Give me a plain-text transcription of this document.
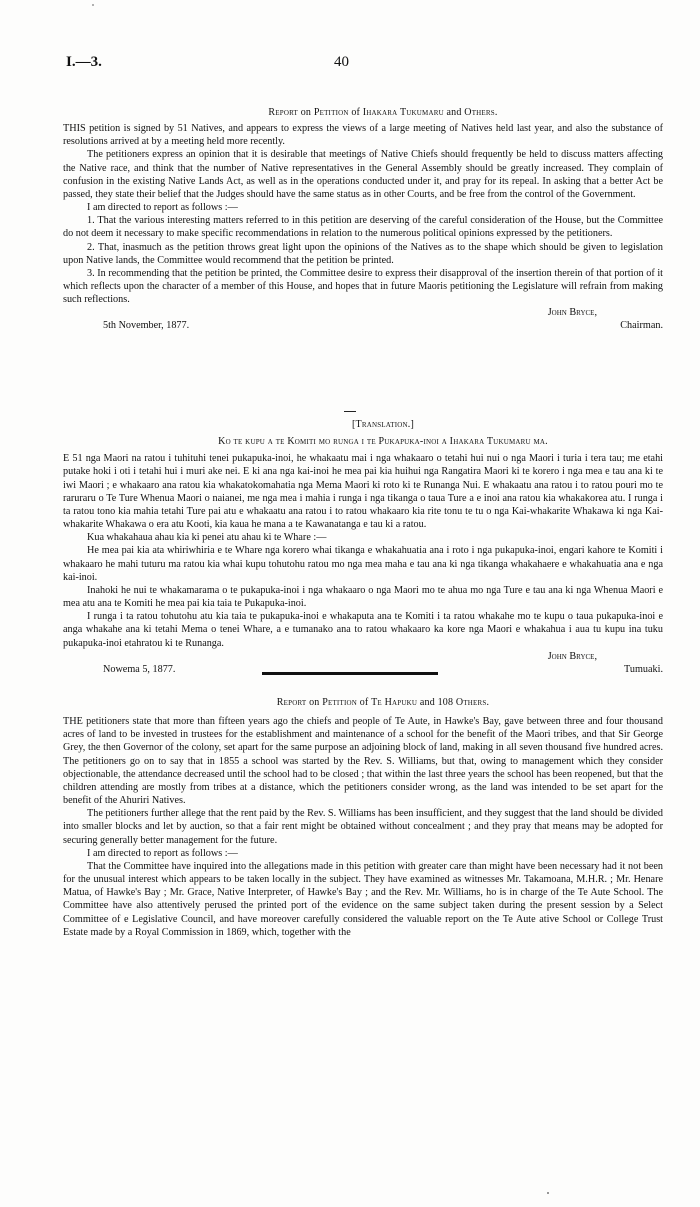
I.—3.	40
Report on Petition of Ihakara Tukumaru and Others.

THIS petition is signed by 51 Natives, and appears to express the views of a large meeting of Natives held last year, and also the substance of resolutions arrived at by a meeting held more recently.

The petitioners express an opinion that it is desirable that meetings of Native Chiefs should frequently be held to discuss matters affecting the Native race, and think that the number of Native representatives in the General Assembly should be greatly increased. They complain of confusion in the existing Native Lands Act, as well as in the operations conducted under it, and pray for its repeal. In asking that a better Act be passed, they state their belief that the Judges should have the same status as in other Courts, and be free from the control of the Government.

I am directed to report as follows :—

1. That the various interesting matters referred to in this petition are deserving of the careful consideration of the House, but the Committee do not deem it necessary to make specific recommendations in relation to the numerous political opinions expressed by the petitioners.

2. That, inasmuch as the petition throws great light upon the opinions of the Natives as to the shape which should be given to legislation upon Native lands, the Committee would recommend that the petition be printed.

3. In recommending that the petition be printed, the Committee desire to express their disapproval of the insertion therein of that portion of it which reflects upon the character of a member of this House, and hopes that in future Maoris petitioning the Legislature will refrain from making such reflections.

John Bryce,
Chairman.
5th November, 1877.
[Translation.]
Ko te kupu a te Komiti mo runga i te Pukapuka-inoi a Ihakara Tukumaru ma.

E 51 nga Maori na ratou i tuhituhi tenei pukapuka-inoi, he whakaatu mai i nga whakaaro o tetahi hui nui o nga Maori i turia i tera tau; me etahi putake hoki i oti i tetahi hui i muri ake nei. E ki ana nga kai-inoi he mea pai kia huihui nga Rangatira Maori ki te korero i nga mea e tau ana ki te iwi Maori ; e whakaaro ana ratou kia whakatokomahatia nga Mema Maori ki roto ki te Runanga Nui. E whakaatu ana ratou i to ratou pouri mo te raruraru o Te Ture Whenua Maori o naianei, me nga mea i mahia i runga i nga tikanga o taua Ture a e inoi ana ratou kia whakakorea atu. I runga i ta ratou tono kia mahia tetahi Ture pai atu e whakaatu ana ratou i to ratou whakaaro kia rite tonu te tu o nga Kai-whakarite Whakawa ki nga Kai-whakarite Whakawa o era atu Kooti, kia kaua he mana a te Kawanatanga e tau ki a ratou.

Kua whakahaua ahau kia ki penei atu ahau ki te Whare :—

He mea pai kia ata whiriwhiria e te Whare nga korero whai tikanga e whakahuatia ana i roto i nga pukapuka-inoi, engari kahore te Komiti i whakaaro he mahi tuturu ma ratou kia whai kupu tohutohu ratou mo nga mea maha e tau ana ki nga tikanga whakahaere e whakahuatia ana e nga kai-inoi.

Inahoki he nui te whakamarama o te pukapuka-inoi i nga whakaaro o nga Maori mo te ahua mo nga Ture e tau ana ki nga Whenua Maori e mea atu ana te Komiti he mea pai kia taia te Pukapuka-inoi.

I runga i ta ratou tohutohu atu kia taia te pukapuka-inoi e whakaputa ana te Komiti i ta ratou whakahe mo te kupu o taua pukapuka-inoi e anga whakahe ana ki tetahi Mema o tenei Whare, a e tumanako ana to ratou whakaaro ka kore nga Maori e whakahua i aua tu kupu ina tuku pukapuka-inoi etahratou ki te Runanga.

John Bryce,
Tumuaki.
Nowema 5, 1877.
Report on Petition of Te Hapuku and 108 Others.

THE petitioners state that more than fifteen years ago the chiefs and people of Te Aute, in Hawke's Bay, gave between three and four thousand acres of land to be invested in trustees for the establishment and maintenance of a school for the benefit of the Maori tribes, and that Sir George Grey, the then Governor of the colony, set apart for the same purpose an adjoining block of land, making in all seven thousand five hundred acres. The petitioners go on to say that in 1855 a school was started by the Rev. S. Williams, but that, owing to management which they consider objectionable, the attendance decreased until the school had to be closed ; that within the last three years the school has been reopened, but that the children attending are mostly from tribes at a distance, which the petitioners consider wrong, as the land was intended to be set apart for the benefit of the Ahuriri Natives.

The petitioners further allege that the rent paid by the Rev. S. Williams has been insufficient, and they suggest that the land should be divided into smaller blocks and let by auction, so that a fair rent might be obtained without concealment ; and they pray that means may be adopted for securing generally better management for the future.

I am directed to report as follows :—

That the Committee have inquired into the allegations made in this petition with greater care than might have been necessary had it not been for the unusual interest which appears to be taken locally in the subject. They have examined as witnesses Mr. Takamoana, M.H.R. ; Mr. Henare Matua, of Hawke's Bay ; Mr. Grace, Native Interpreter, of Hawke's Bay ; and the Rev. Mr. Williams, ho is in charge of the Te Aute School. The Committee have also attentively perused the printed port of the evidence on the same subject taken during the present session by a Select Committee of e Legislative Council, and have moreover carefully considered the valuable report on the Te Aute ative School or College Trust Estate made by a Royal Commission in 1869, which, together with the
